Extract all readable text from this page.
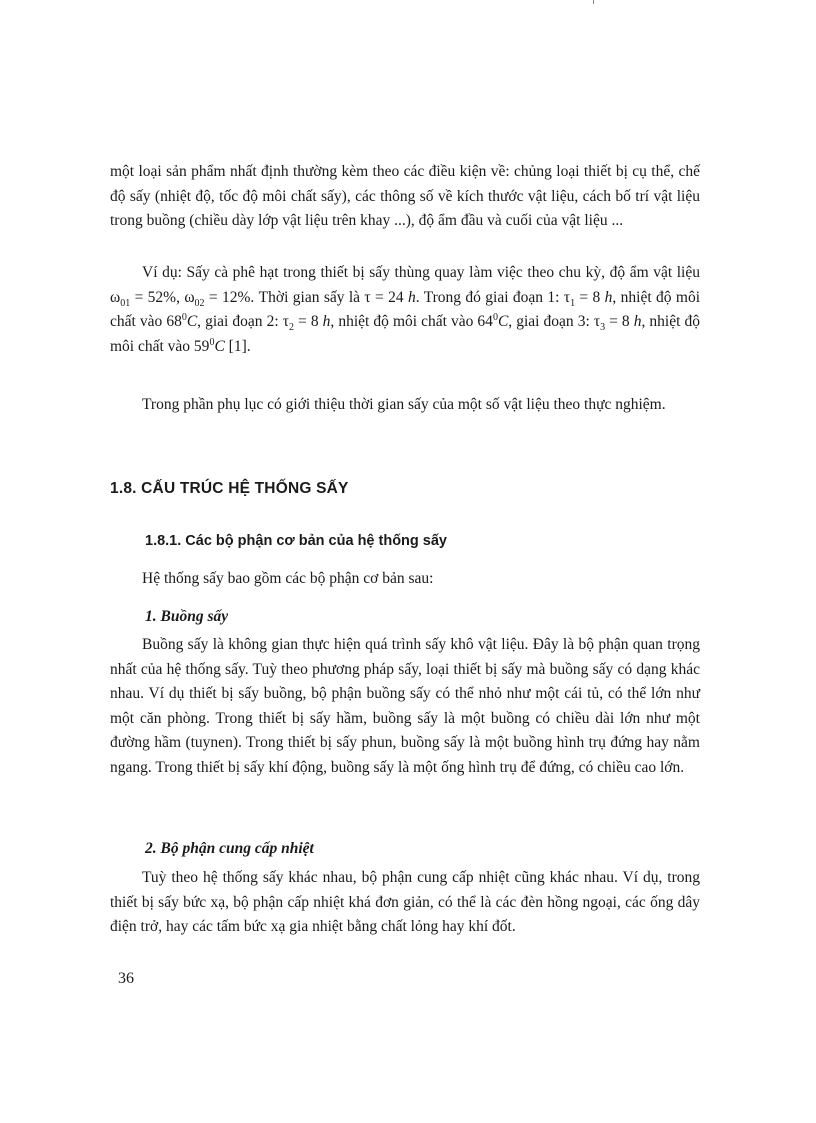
một loại sản phẩm nhất định thường kèm theo các điều kiện về: chủng loại thiết bị cụ thể, chế độ sấy (nhiệt độ, tốc độ môi chất sấy), các thông số về kích thước vật liệu, cách bố trí vật liệu trong buồng (chiều dày lớp vật liệu trên khay ...), độ ẩm đầu và cuối của vật liệu ...

Ví dụ: Sấy cà phê hạt trong thiết bị sấy thùng quay làm việc theo chu kỳ, độ ẩm vật liệu $\omega_{01} = 52\%$, $\omega_{02} = 12\%$. Thời gian sấy là τ = 24 h. Trong đó giai đoạn 1: $\tau_1 = 8$ h, nhiệt độ môi chất vào $68^0C$, giai đoạn 2: $\tau_2 = 8$ h, nhiệt độ môi chất vào $64^0C$, giai đoạn 3: $\tau_3 = 8$ h, nhiệt độ môi chất vào $59^0C$ [1].

Trong phần phụ lục có giới thiệu thời gian sấy của một số vật liệu theo thực nghiệm.

1.8. CẤU TRÚC HỆ THỐNG SẤY
1.8.1. Các bộ phận cơ bản của hệ thống sấy

Hệ thống sấy bao gồm các bộ phận cơ bản sau:

1. Buồng sấy

Buồng sấy là không gian thực hiện quá trình sấy khô vật liệu. Đây là bộ phận quan trọng nhất của hệ thống sấy. Tuỳ theo phương pháp sấy, loại thiết bị sấy mà buồng sấy có dạng khác nhau. Ví dụ thiết bị sấy buồng, bộ phận buồng sấy có thể nhỏ như một cái tủ, có thể lớn như một căn phòng. Trong thiết bị sấy hầm, buồng sấy là một buồng có chiều dài lớn như một đường hầm (tuynen). Trong thiết bị sấy phun, buồng sấy là một buồng hình trụ đứng hay nằm ngang. Trong thiết bị sấy khí động, buồng sấy là một ống hình trụ để đứng, có chiều cao lớn.

2. Bộ phận cung cấp nhiệt

Tuỳ theo hệ thống sấy khác nhau, bộ phận cung cấp nhiệt cũng khác nhau. Ví dụ, trong thiết bị sấy bức xạ, bộ phận cấp nhiệt khá đơn giản, có thể là các đèn hồng ngoại, các ống dây điện trở, hay các tấm bức xạ gia nhiệt bằng chất lỏng hay khí đốt.

36
